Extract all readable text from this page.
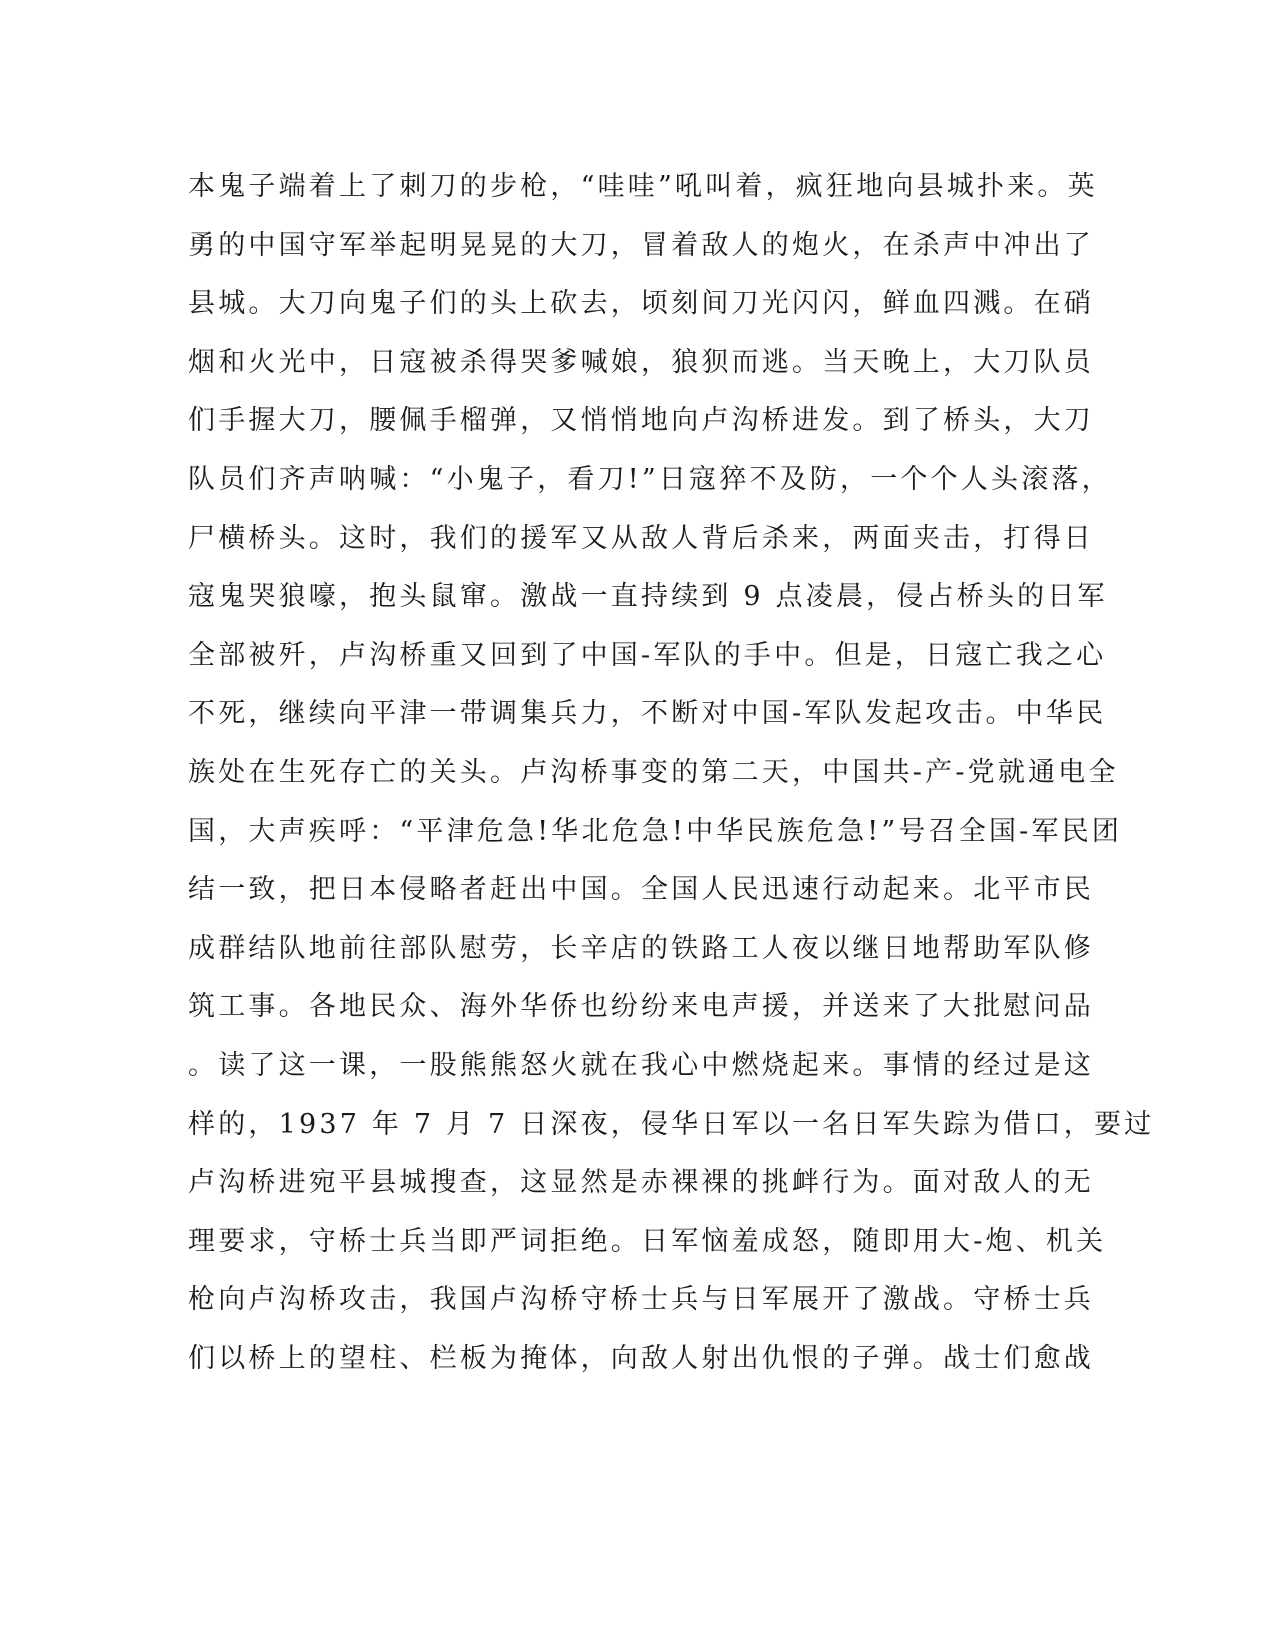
本鬼子端着上了刺刀的步枪，“哇哇”吼叫着，疯狂地向县城扑来。英
勇的中国守军举起明晃晃的大刀，冒着敌人的炮火，在杀声中冲出了
县城。大刀向鬼子们的头上砍去，顷刻间刀光闪闪，鲜血四溅。在硝
烟和火光中，日寇被杀得哭爹喊娘，狼狈而逃。当天晚上，大刀队员
们手握大刀，腰佩手榴弹，又悄悄地向卢沟桥进发。到了桥头，大刀
队员们齐声呐喊：“小鬼子，看刀!”日寇猝不及防，一个个人头滚落，
尸横桥头。这时，我们的援军又从敌人背后杀来，两面夹击，打得日
寇鬼哭狼嚎，抱头鼠窜。激战一直持续到 9 点凌晨，侵占桥头的日军
全部被歼，卢沟桥重又回到了中国-军队的手中。但是，日寇亡我之心
不死，继续向平津一带调集兵力，不断对中国-军队发起攻击。中华民
族处在生死存亡的关头。卢沟桥事变的第二天，中国共-产-党就通电全
国，大声疾呼：“平津危急!华北危急!中华民族危急!”号召全国-军民团
结一致，把日本侵略者赶出中国。全国人民迅速行动起来。北平市民
成群结队地前往部队慰劳，长辛店的铁路工人夜以继日地帮助军队修
筑工事。各地民众、海外华侨也纷纷来电声援，并送来了大批慰问品
。读了这一课，一股熊熊怒火就在我心中燃烧起来。事情的经过是这
样的，1937 年 7 月 7 日深夜，侵华日军以一名日军失踪为借口，要过
卢沟桥进宛平县城搜查，这显然是赤裸裸的挑衅行为。面对敌人的无
理要求，守桥士兵当即严词拒绝。日军恼羞成怒，随即用大-炮、机关
枪向卢沟桥攻击，我国卢沟桥守桥士兵与日军展开了激战。守桥士兵
们以桥上的望柱、栏板为掩体，向敌人射出仇恨的子弹。战士们愈战
